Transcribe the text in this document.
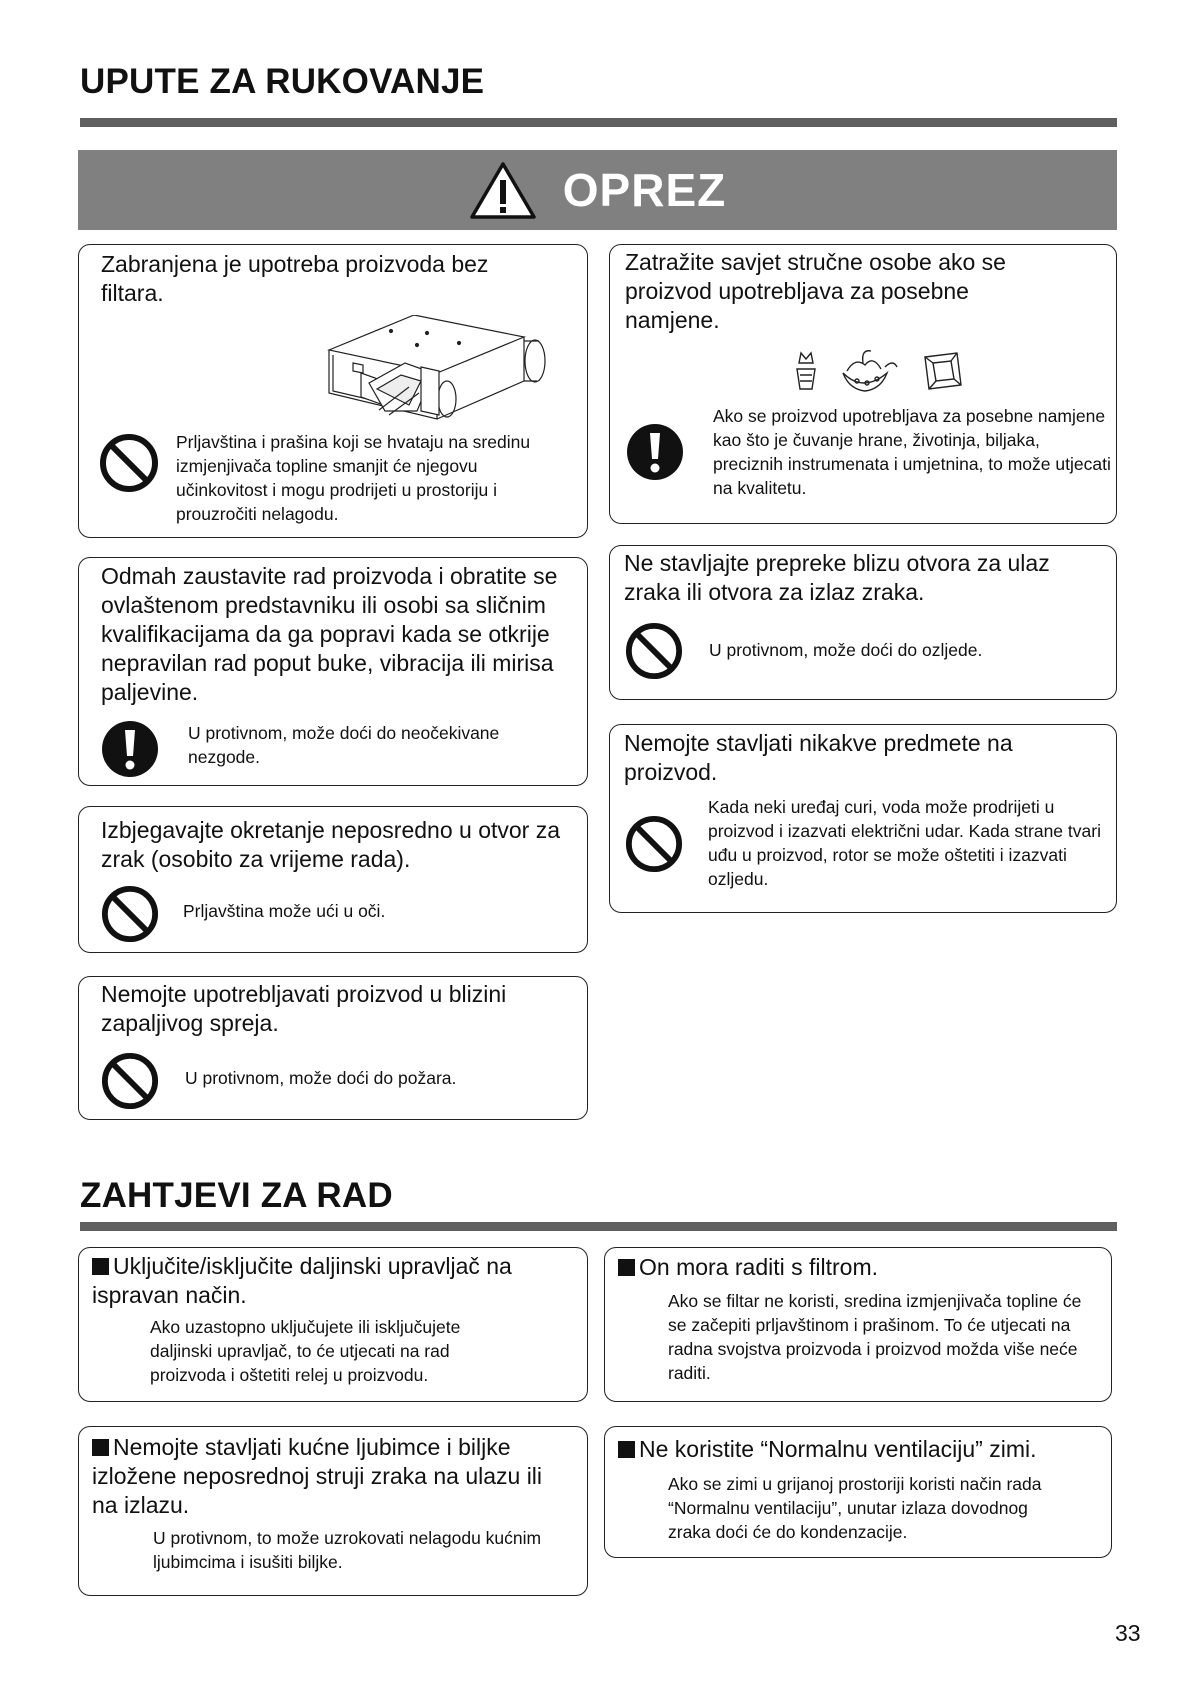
UPUTE ZA RUKOVANJE
OPREZ
Zabranjena je upotreba proizvoda bez filtara.
Prljavština i prašina koji se hvataju na sredinu izmjenjivača topline smanjit će njegovu učinkovitost i mogu prodrijeti u prostoriju i prouzročiti nelagodu.
Odmah zaustavite rad proizvoda i obratite se ovlaštenom predstavniku ili osobi sa sličnim kvalifikacijama da ga popravi kada se otkrije nepravilan rad poput buke, vibracija ili mirisa paljevine.
U protivnom, može doći do neočekivane nezgode.
Izbjegavajte okretanje neposredno u otvor za zrak (osobito za vrijeme rada).
Prljavština može ući u oči.
Nemojte upotrebljavati proizvod u blizini zapaljivog spreja.
U protivnom, može doći do požara.
Zatražite savjet stručne osobe ako se proizvod upotrebljava za posebne namjene.
Ako se proizvod upotrebljava za posebne namjene kao što je čuvanje hrane, životinja, biljaka, preciznih instrumenata i umjetnina, to može utjecati na kvalitetu.
Ne stavljajte prepreke blizu otvora za ulaz zraka ili otvora za izlaz zraka.
U protivnom, može doći do ozljede.
Nemojte stavljati nikakve predmete na proizvod.
Kada neki uređaj curi, voda može prodrijeti u proizvod i izazvati električni udar. Kada strane tvari uđu u proizvod, rotor se može oštetiti i izazvati ozljedu.
ZAHTJEVI ZA RAD
Uključite/isključite daljinski upravljač na ispravan način.
Ako uzastopno uključujete ili isključujete daljinski upravljač, to će utjecati na rad proizvoda i oštetiti relej u proizvodu.
Nemojte stavljati kućne ljubimce i biljke izložene neposrednoj struji zraka na ulazu ili na izlazu.
U protivnom, to može uzrokovati nelagodu kućnim ljubimcima i isušiti biljke.
On mora raditi s filtrom.
Ako se filtar ne koristi, sredina izmjenjivača topline će se začepiti prljavštinom i prašinom. To će utjecati na radna svojstva proizvoda i proizvod možda više neće raditi.
Ne koristite “Normalnu ventilaciju” zimi.
Ako se zimi u grijanoj prostoriji koristi način rada “Normalnu ventilaciju”, unutar izlaza dovodnog zraka doći će do kondenzacije.
33
